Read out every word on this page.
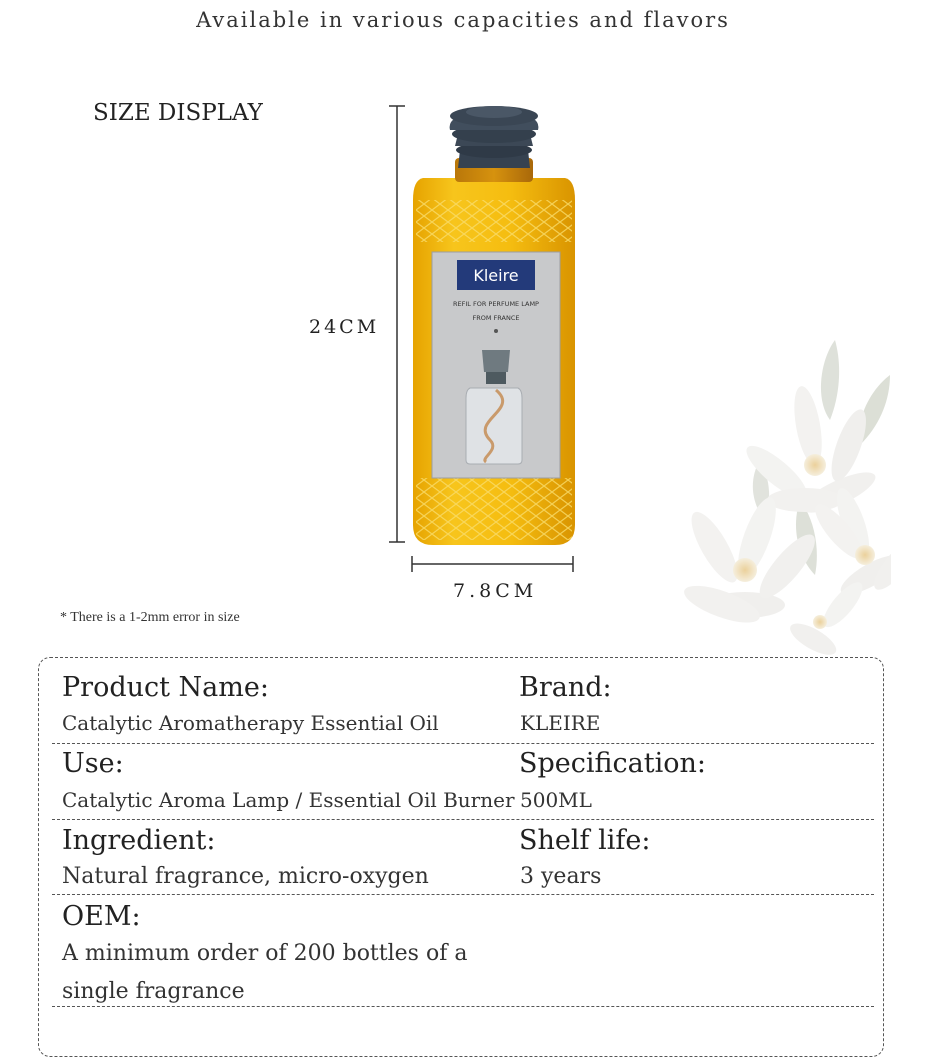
Available in various capacities and flavors
SIZE DISPLAY
24CM
7.8CM
* There is a 1-2mm error in size
Kleire
REFIL FOR PERFUME LAMP
FROM FRANCE
Product Name:
Catalytic Aromatherapy Essential Oil
Brand:
KLEIRE
Use:
Catalytic Aroma Lamp / Essential Oil Burner
Specification:
500ML
Ingredient:
Natural fragrance, micro-oxygen
Shelf life:
3 years
OEM:
A minimum order of 200 bottles of a
single fragrance
